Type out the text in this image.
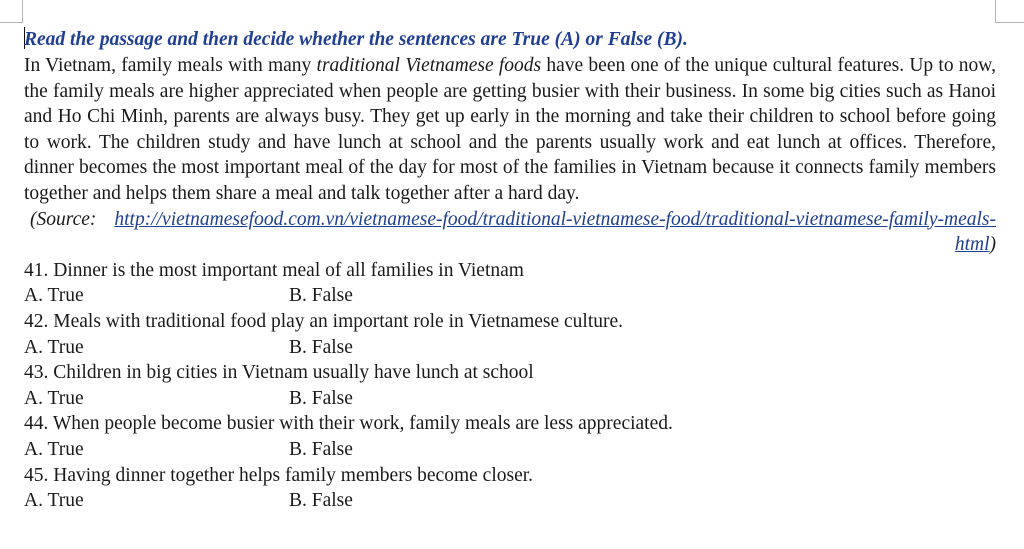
Read the passage and then decide whether the sentences are True (A) or False (B).

In Vietnam, family meals with many traditional Vietnamese foods have been one of the unique cultural features. Up to now, the family meals are higher appreciated when people are getting busier with their business. In some big cities such as Hanoi and Ho Chi Minh, parents are always busy. They get up early in the morning and take their children to school before going to work. The children study and have lunch at school and the parents usually work and eat lunch at offices. Therefore, dinner becomes the most important meal of the day for most of the families in Vietnam because it connects family members together and helps them share a meal and talk together after a hard day.

(Source: http://vietnamesefood.com.vn/vietnamese-food/traditional-vietnamese-food/traditional-vietnamese-family-meals-html)
41. Dinner is the most important meal of all families in Vietnam
A. True	B. False
42. Meals with traditional food play an important role in Vietnamese culture.
A. True	B. False
43. Children in big cities in Vietnam usually have lunch at school
A. True	B. False
44. When people become busier with their work, family meals are less appreciated.
A. True	B. False
45. Having dinner together helps family members become closer.
A. True	B. False
